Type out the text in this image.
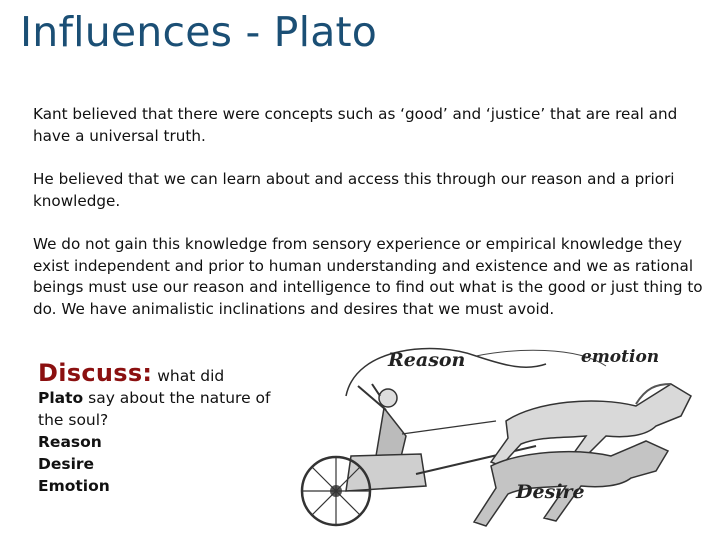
Influences - Plato

Kant believed that there were concepts such as ‘good’ and ‘justice’ that are real and have a universal truth.

He believed that we can learn about and access this through our reason and a priori knowledge.

We do not gain this knowledge from sensory experience or empirical knowledge they exist independent and prior to human understanding and existence and we as rational beings must use our reason and intelligence to find out what is the good or just thing to do. We have animalistic inclinations and desires that we must avoid.

Discuss: what did
Plato say about the nature of the soul?
Reason
Desire
Emotion
Reason	emotion
Desire
